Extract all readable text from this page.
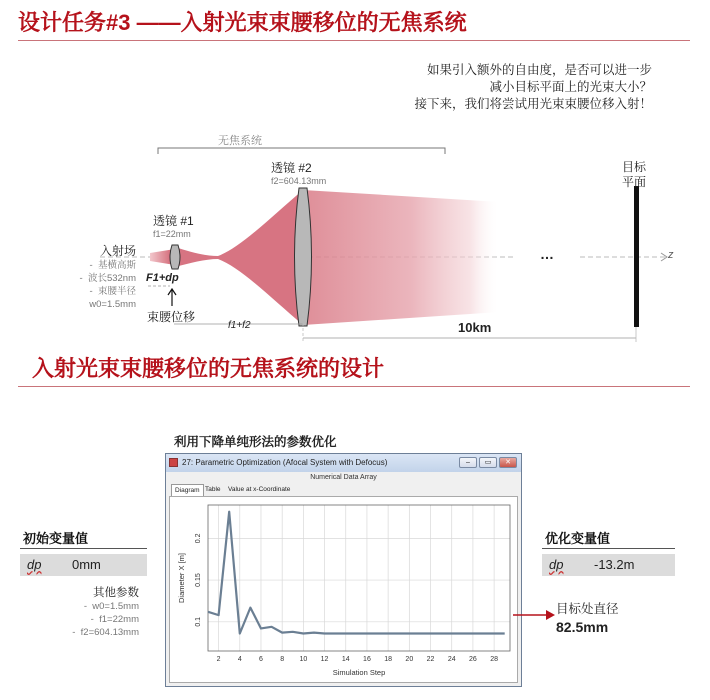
设计任务#3 ——入射光束束腰移位的无焦系统
如果引入额外的自由度，是否可以进一步
减小目标平面上的光束大小？
接下来，我们将尝试用光束束腰位移入射！
无焦系统
透镜 #1
f1=22mm
透镜 #2
f2=604.13mm
目标
平面
入射场
-  基横高斯
-  波长532nm
-  束腰半径
w0=1.5mm
F1+dp
束腰位移
f1+f2	10km
…	z
入射光束束腰移位的无焦系统的设计
利用下降单纯形法的参数优化
初始变量值
dp 0mm
其他参数
-  w0=1.5mm
-  f1=22mm
-  f2=604.13mm
27: Parametric Optimization (Afocal System with Defocus)	–	▭	✕
Numerical Data Array
Diagram Table	Value at x-Coordinate
2 4 6 8 10 12 14 16 18 20 22 24 26 28
0.1
0.15
0.2
Simulation Step
Diameter X [m]
优化变量值
dp -13.2m
目标处直径
82.5mm
